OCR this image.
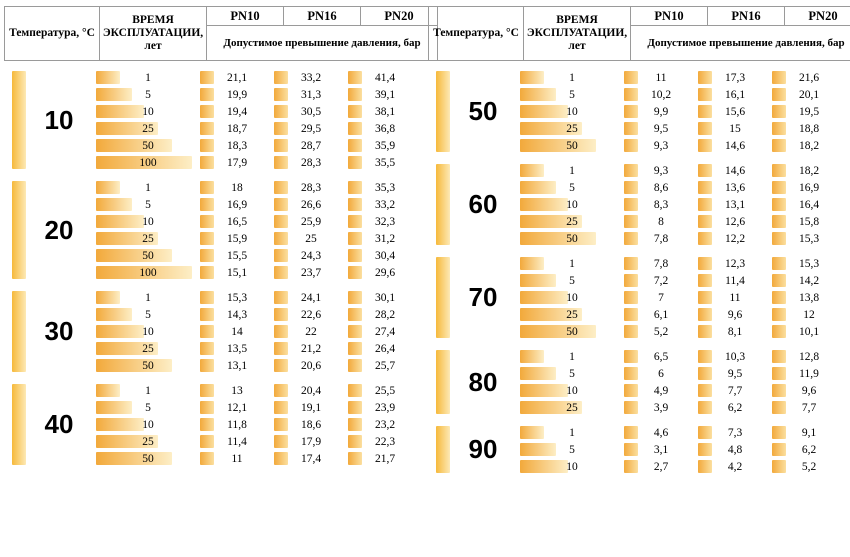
Температура, °C	ВРЕМЯ ЭКСПЛУАТАЦИИ, лет	PN10	PN16	PN20
Допустимое превышение давления, бар
10
1	21,1	33,2	41,4
5	19,9	31,3	39,1
10	19,4	30,5	38,1
25	18,7	29,5	36,8
50	18,3	28,7	35,9
100	17,9	28,3	35,5
20
1	18	28,3	35,3
5	16,9	26,6	33,2
10	16,5	25,9	32,3
25	15,9	25	31,2
50	15,5	24,3	30,4
100	15,1	23,7	29,6
30
1	15,3	24,1	30,1
5	14,3	22,6	28,2
10	14	22	27,4
25	13,5	21,2	26,4
50	13,1	20,6	25,7
40
1	13	20,4	25,5
5	12,1	19,1	23,9
10	11,8	18,6	23,2
25	11,4	17,9	22,3
50	11	17,4	21,7
Температура, °C	ВРЕМЯ ЭКСПЛУАТАЦИИ, лет	PN10	PN16	PN20
Допустимое превышение давления, бар
50
1	11	17,3	21,6
5	10,2	16,1	20,1
10	9,9	15,6	19,5
25	9,5	15	18,8
50	9,3	14,6	18,2
60
1	9,3	14,6	18,2
5	8,6	13,6	16,9
10	8,3	13,1	16,4
25	8	12,6	15,8
50	7,8	12,2	15,3
70
1	7,8	12,3	15,3
5	7,2	11,4	14,2
10	7	11	13,8
25	6,1	9,6	12
50	5,2	8,1	10,1
80
1	6,5	10,3	12,8
5	6	9,5	11,9
10	4,9	7,7	9,6
25	3,9	6,2	7,7
90
1	4,6	7,3	9,1
5	3,1	4,8	6,2
10	2,7	4,2	5,2
